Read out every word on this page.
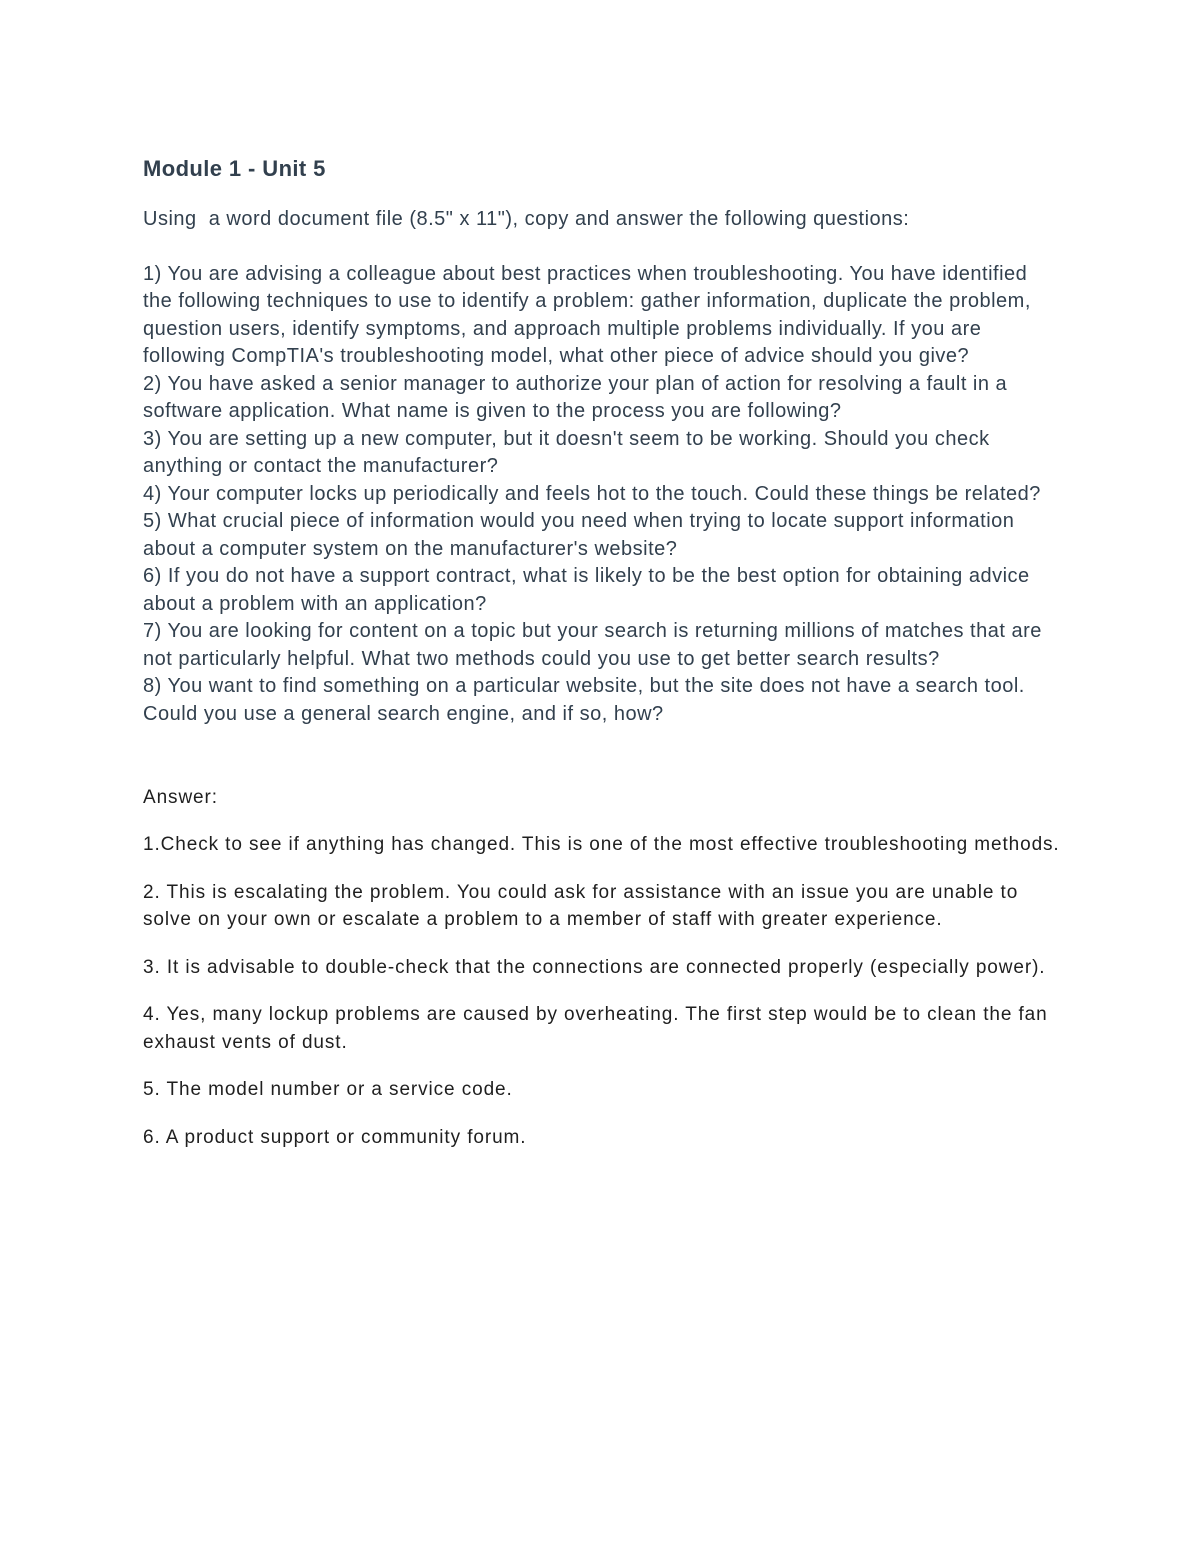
Module 1 - Unit 5

Using  a word document file (8.5" x 11"), copy and answer the following questions:

1) You are advising a colleague about best practices when troubleshooting. You have identified the following techniques to use to identify a problem: gather information, duplicate the problem, question users, identify symptoms, and approach multiple problems individually. If you are following CompTIA's troubleshooting model, what other piece of advice should you give?

2) You have asked a senior manager to authorize your plan of action for resolving a fault in a software application. What name is given to the process you are following?

3) You are setting up a new computer, but it doesn't seem to be working. Should you check anything or contact the manufacturer?

4) Your computer locks up periodically and feels hot to the touch. Could these things be related?

5) What crucial piece of information would you need when trying to locate support information about a computer system on the manufacturer's website?

6) If you do not have a support contract, what is likely to be the best option for obtaining advice about a problem with an application?

7) You are looking for content on a topic but your search is returning millions of matches that are not particularly helpful. What two methods could you use to get better search results?

8) You want to find something on a particular website, but the site does not have a search tool. Could you use a general search engine, and if so, how?

Answer:

1.Check to see if anything has changed. This is one of the most effective troubleshooting methods.

2. This is escalating the problem. You could ask for assistance with an issue you are unable to solve on your own or escalate a problem to a member of staff with greater experience.

3. It is advisable to double-check that the connections are connected properly (especially power).

4. Yes, many lockup problems are caused by overheating. The first step would be to clean the fan exhaust vents of dust.

5. The model number or a service code.

6. A product support or community forum.
